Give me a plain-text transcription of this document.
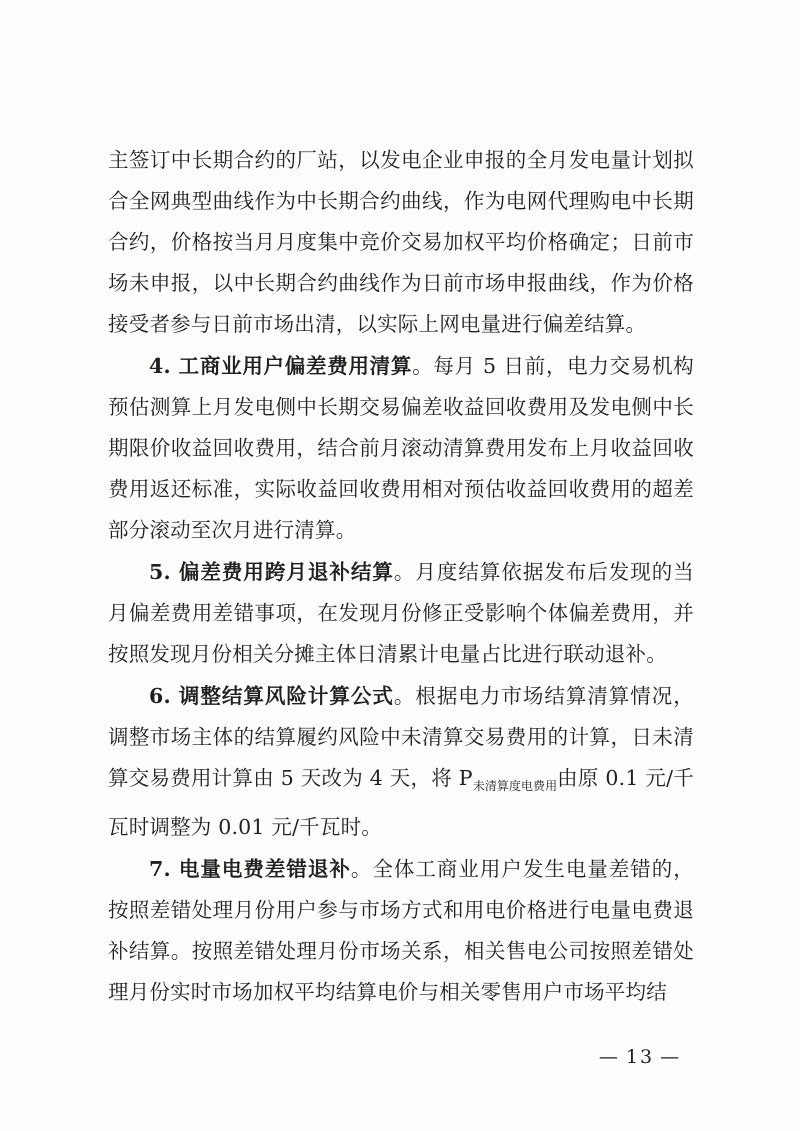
主签订中长期合约的厂站，以发电企业申报的全月发电量计划拟合全网典型曲线作为中长期合约曲线，作为电网代理购电中长期合约，价格按当月月度集中竞价交易加权平均价格确定；日前市场未申报，以中长期合约曲线作为日前市场申报曲线，作为价格接受者参与日前市场出清，以实际上网电量进行偏差结算。

4. 工商业用户偏差费用清算。每月 5 日前，电力交易机构预估测算上月发电侧中长期交易偏差收益回收费用及发电侧中长期限价收益回收费用，结合前月滚动清算费用发布上月收益回收费用返还标准，实际收益回收费用相对预估收益回收费用的超差部分滚动至次月进行清算。

5. 偏差费用跨月退补结算。月度结算依据发布后发现的当月偏差费用差错事项，在发现月份修正受影响个体偏差费用，并按照发现月份相关分摊主体日清累计电量占比进行联动退补。

6. 调整结算风险计算公式。根据电力市场结算清算情况，调整市场主体的结算履约风险中未清算交易费用的计算，日未清算交易费用计算由 5 天改为 4 天，将 $P_{未清算度电费用}$由原 0.1 元/千瓦时调整为 0.01 元/千瓦时。

7. 电量电费差错退补。全体工商业用户发生电量差错的，按照差错处理月份用户参与市场方式和用电价格进行电量电费退补结算。按照差错处理月份市场关系，相关售电公司按照差错处理月份实时市场加权平均结算电价与相关零售用户市场平均结

— 13 —
